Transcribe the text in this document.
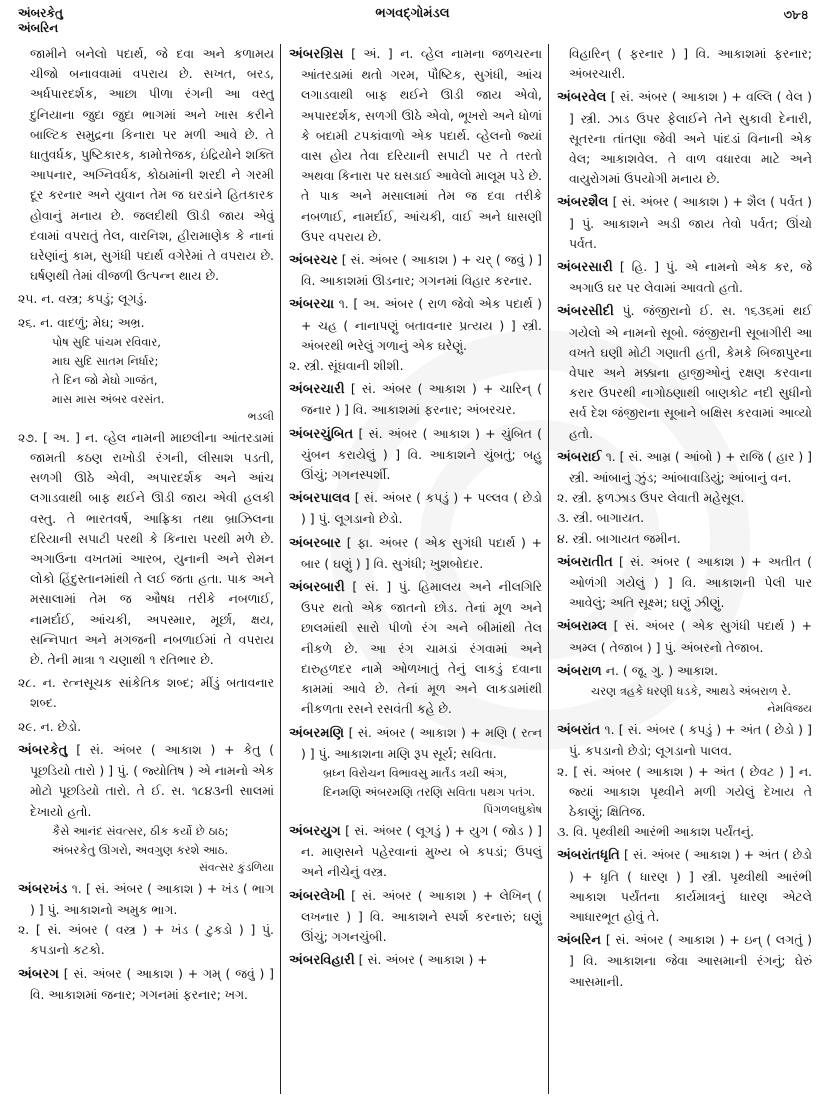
અંબરકેતુ
અંબરિન
ભગવદ્ગોમંડલ	৩৮৪

જામીને બનેલો પદાર્થ, જે દવા અને કળામય ચીજો બનાવવામાં વપરાય છે. સખત, બરડ, અર્ધપારદર્શક, આછા પીળા રંગની આ વસ્તુ દુનિયાના જુદા જુદા ભાગમાં અને ખાસ કરીને બાલ્ટિક સમુદ્રના કિનારા પર મળી આવે છે. તે ધાતુવર્ધક, પુષ્ટિકારક, કામોત્તેજક, ઇંદ્રિયોને શક્તિ આપનાર, અગ્નિવર્ધક, કોઠામાંની શરદી ને ગરમી દૂર કરનાર અને યુવાન તેમ જ ઘરડાંને હિતકારક હોવાનું મનાય છે. જલદીથી ઊડી જાય એવું દવામાં વપરાતું તેલ, વારનિશ, હીરામાણેક કે નાનાં ઘરેણાંનું કામ, સુગંધી પદાર્થ વગેરેમાં તે વપરાય છે. ઘર્ષણથી તેમાં વીજળી ઉત્પન્ન થાય છે.

૨૫. ન. વસ્ત્ર; કપડું; લૂગડું.

૨૬. ન. વાદળું; મેઘ; અભ્ર.

પોષ સુદિ પાંચમ રવિવાર,

માઘ સુદિ સાતમ નિર્ધાર;

તે દિન જો મેઘો ગાજંત,

માસ માસ અંબર વરસંત.

ભડલી

૨૭. [ અ. ] ન. વ્હેલ નામની માછલીના આંતરડામાં જામતી કઠણ રાખોડી રંગની, લીસાશ પડતી, સળગી ઊઠે એવી, અપારદર્શક અને આંચ લગાડવાથી બાફ થઈને ઊડી જાય એવી હલકી વસ્તુ. તે ભારતવર્ષ, આફ્રિકા તથા બ્રાઝિલના દરિયાની સપાટી પરથી કે કિનારા પરથી મળે છે. અગાઉના વખતમાં આરબ, યુનાની અને રોમન લોકો હિંદુસ્તાનમાંથી તે લઈ જતા હતા. પાક અને મસાલામાં તેમ જ ઔષધ તરીકે નબળાઈ, નામર્દાઈ, આંચકી, અપસ્માર, મૂર્છા, ક્ષય, સન્નિપાત અને મગજની નબળાઈમાં તે વપરાય છે. તેની માત્રા ૧ ચણાથી ૧ રતિભાર છે.

૨૮. ન. રત્નસૂચક સાંકેતિક શબ્દ; મીંડું બતાવનાર શબ્દ.

૨૯. ન. છેડો.

અંબરકેતુ [ સં. અંબર ( આકાશ ) + કેતુ ( પૂછડિયો તારો ) ] પું. ( જ્યોતિષ ) એ નામનો એક મોટો પૂછડિયો તારો. તે ઈ. સ. ૧૮૪૩ની સાલમાં દેખાયો હતો.

કૈસે આનંદ સંવત્સર, ઠીક કર્યો છે ઠાઠ;

અંબરકેતુ ઊગરો, અવગુણ કરશે આઠ.

સંવત્સર કુંડળિયા

અંબરખંડ ૧. [ સં. અંબર ( આકાશ ) + ખંડ ( ભાગ ) ] પું. આકાશનો અમુક ભાગ.

૨. [ સં. અંબર ( વસ્ત્ર ) + ખંડ ( ટુકડો ) ] પું. કપડાનો કટકો.

અંબરગ [ સં. અંબર ( આકાશ ) + ગમ્ ( જવું ) ] વિ. આકાશમાં જનાર; ગગનમાં ફરનાર; ખગ.

અંબરગ્રિસ [ અં. ] ન. વ્હેલ નામના જળચરના આંતરડામાં થતો ગરમ, પૌષ્ટિક, સુગંધી, આંચ લગાડવાથી બાફ થઈને ઊડી જાય એવો, અપારદર્શક, સળગી ઊઠે એવો, ભૂખરો અને ધોળાં કે બદામી ટપકાંવાળો એક પદાર્થ. વ્હેલનો જ્યાં વાસ હોય તેવા દરિયાની સપાટી પર તે તરતો અથવા કિનારા પર ઘસડાઈ આવેલો માલૂમ પડે છે. તે પાક અને મસાલામાં તેમ જ દવા તરીકે નબળાઈ, નામર્દાઈ, આંચકી, વાઈ અને ધાસણી ઉપર વપરાય છે.

અંબરચર [ સં. અંબર ( આકાશ ) + ચર્ ( જવું ) ] વિ. આકાશમાં ઊડનાર; ગગનમાં વિહાર કરનાર.

અંબરચા ૧. [ અ. અંબર ( રાળ જેવો એક પદાર્થ ) + ચહ ( નાનાપણું બતાવનાર પ્રત્યય ) ] સ્ત્રી. અંબરથી ભરેલું ગળાનું એક ઘરેણું.

૨. સ્ત્રી. સૂંઘવાની શીશી.

અંબરચારી [ સં. અંબર ( આકાશ ) + ચારિન્ ( જનાર ) ] વિ. આકાશમાં ફરનાર; અંબરચર.

અંબરચુંબિત [ સં. અંબર ( આકાશ ) + ચુંબિત ( ચુંબન કરાયેલું ) ] વિ. આકાશને ચુંબતું; બહુ ઊંચું; ગગનસ્પર્શી.

અંબરપાલવ [ સં. અંબર ( કપડું ) + પલ્લવ ( છેડો ) ] પું. લૂગડાનો છેડો.

અંબરબાર [ ફા. અંબર ( એક સુગંધી પદાર્થ ) + બાર ( ઘણું ) ] વિ. સુગંધી; ખુશબોદાર.

અંબરબારી [ સં. ] પું. હિમાલય અને નીલગિરિ ઉપર થતો એક જાતનો છોડ. તેનાં મૂળ અને છાલમાંથી સારો પીળો રંગ અને બીમાંથી તેલ નીકળે છે. આ રંગ ચામડાં રંગવામાં અને દારુહળદર નામે ઓળખાતું તેનું લાકડું દવાના કામમાં આવે છે. તેનાં મૂળ અને લાકડામાંથી નીકળતા રસને રસવંતી કહે છે.

અંબરમણિ [ સં. અંબર ( આકાશ ) + મણિ ( રત્ન ) ] પું. આકાશના મણિ રૂપ સૂર્ય; સવિતા.

બ્રધ્ન વિરોચન વિભાવસુ માર્તંડ ત્રયી અંગ,

દિનમણિ અંબરમણિ તરણિ સવિતા પથગ પતંગ.

પિંગળલઘુકોષ

અંબરયુગ [ સં. અંબર ( લૂગડું ) + યુગ ( જોડ ) ] ન. માણસને પહેરવાનાં મુખ્ય બે કપડાં; ઉપલું અને નીચેનું વસ્ત્ર.

અંબરલેખી [ સં. અંબર ( આકાશ ) + લેખિન્ ( લખનાર ) ] વિ. આકાશને સ્પર્શ કરનારું; ઘણું ઊંચું; ગગનચુંબી.

અંબરવિહારી [ સં. અંબર ( આકાશ ) +

વિહારિન્ ( ફરનાર ) ] વિ. આકાશમાં ફરનાર; અંબરચારી.

અંબરવેલ [ સં. અંબર ( આકાશ ) + વલ્લિ ( વેલ ) ] સ્ત્રી. ઝાડ ઉપર ફેલાઈને તેને સુકાવી દેનારી, સૂતરના તાંતણા જેવી અને પાંદડાં વિનાની એક વેલ; આકાશવેલ. તે વાળ વધારવા માટે અને વાયુરોગમાં ઉપયોગી મનાય છે.

અંબરશૈલ [ સં. અંબર ( આકાશ ) + શૈલ ( પર્વત ) ] પું. આકાશને અડી જાય તેવો પર્વત; ઊંચો પર્વત.

અંબરસારી [ હિ. ] પું. એ નામનો એક કર, જે અગાઉ ઘર પર લેવામાં આવતો હતો.

અંબરસીદી પું. જંજીરાનો ઈ. સ. ૧૬૩૬માં થઈ ગયેલો એ નામનો સૂબો. જંજીરાની સૂબાગીરી આ વખતે ઘણી મોટી ગણાતી હતી, કેમકે બિજાપુરના વેપાર અને મક્કાના હાજીઓનું રક્ષણ કરવાના કરાર ઉપરથી નાગોઠણાથી બાણકોટ નદી સુધીનો સર્વ દેશ જંજીરાના સૂબાને બક્ષિસ કરવામાં આવ્યો હતો.

અંબરાઈ ૧. [ સં. આમ્ર ( આંબો ) + રાજિ ( હાર ) ] સ્ત્રી. આંબાનું ઝુંડ; આંબાવાડિયું; આંબાનું વન.

૨. સ્ત્રી. ફળઝાડ ઉપર લેવાતી મહેસૂલ.

૩. સ્ત્રી. બાગાયત.

૪. સ્ત્રી. બાગાયત જમીન.

અંબરાતીત [ સં. અંબર ( આકાશ ) + અતીત ( ઓળંગી ગયેલું ) ] વિ. આકાશની પેલી પાર આવેલું; અતિ સૂક્ષ્મ; ઘણું ઝીણું.

અંબરામ્લ [ સં. અંબર ( એક સુગંધી પદાર્થ ) + અમ્લ ( તેજાબ ) ] પું. અંબરનો તેજાબ.

અંબરાળ ન. ( જૂ. ગુ. ) આકાશ.

ચરણ ત્રહકે ધરણી ધડકે, આથડે અંબરાળ રે.

નેમવિજય

અંબરાંત ૧. [ સં. અંબર ( કપડું ) + અંત ( છેડો ) ] પું. કપડાનો છેડો; લૂગડાનો પાલવ.

૨. [ સં. અંબર ( આકાશ ) + અંત ( છેવટ ) ] ન. જ્યાં આકાશ પૃથ્વીને મળી ગયેલું દેખાય તે ઠેકાણું; ક્ષિતિજ.

૩. વિ. પૃથ્વીથી આરંભી આકાશ પર્યંતનું.

અંબરાંતધૃતિ [ સં. અંબર ( આકાશ ) + અંત ( છેડો ) + ધૃતિ ( ધારણ ) ] સ્ત્રી. પૃથ્વીથી આરંભી આકાશ પર્યંતના કાર્યમાત્રનું ધારણ એટલે આધારભૂત હોવું તે.

અંબરિન [ સં. અંબર ( આકાશ ) + ઇન્ ( લગતું ) ] વિ. આકાશના જેવા આસમાની રંગનું; ઘેરું આસમાની.
